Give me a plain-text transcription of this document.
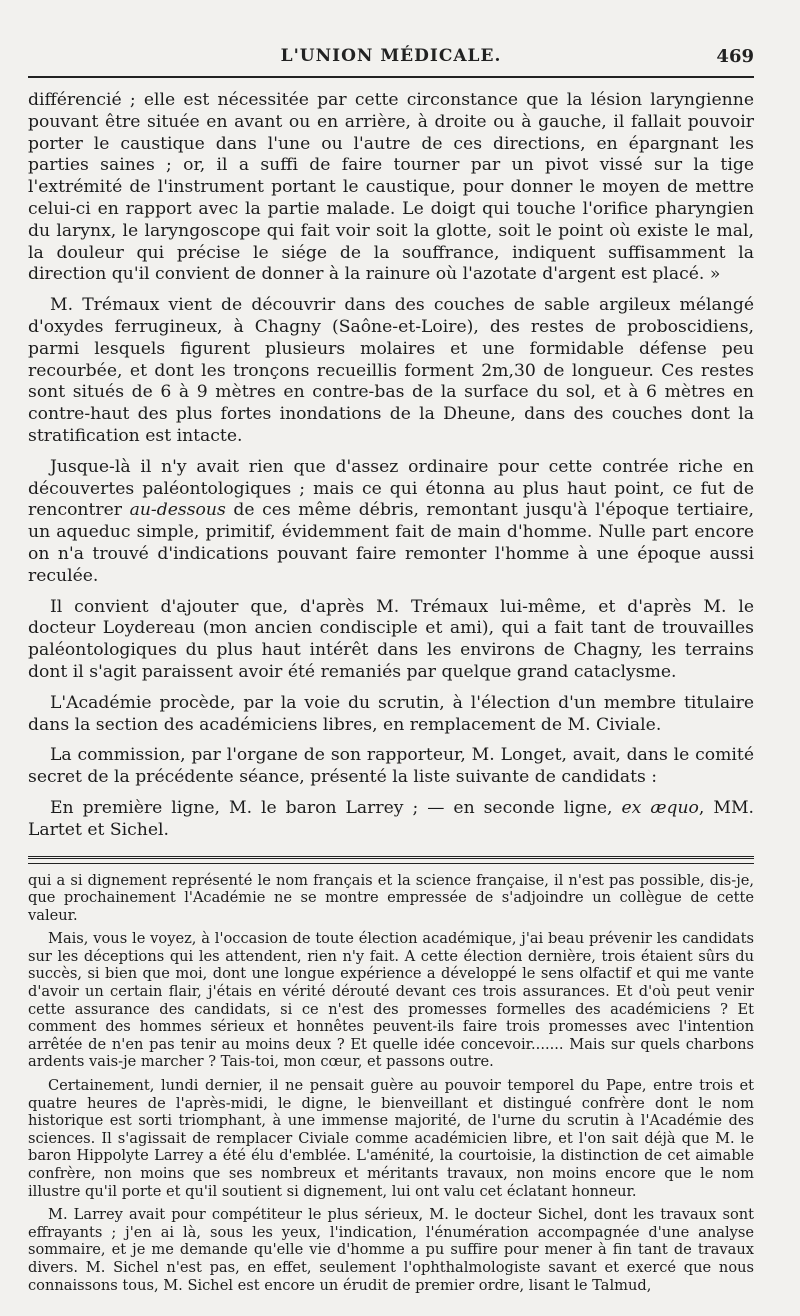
L'UNION MÉDICALE.	469

différencié ; elle est nécessitée par cette circonstance que la lésion laryngienne pouvant être située en avant ou en arrière, à droite ou à gauche, il fallait pouvoir porter le caustique dans l'une ou l'autre de ces directions, en épargnant les parties saines ; or, il a suffi de faire tourner par un pivot vissé sur la tige l'extrémité de l'instrument portant le caustique, pour donner le moyen de mettre celui-ci en rapport avec la partie malade. Le doigt qui touche l'orifice pharyngien du larynx, le laryngoscope qui fait voir soit la glotte, soit le point où existe le mal, la douleur qui précise le siége de la souffrance, indiquent suffisamment la direction qu'il convient de donner à la rainure où l'azotate d'argent est placé. »

M. Trémaux vient de découvrir dans des couches de sable argileux mélangé d'oxydes ferrugineux, à Chagny (Saône-et-Loire), des restes de proboscidiens, parmi lesquels figurent plusieurs molaires et une formidable défense peu recourbée, et dont les tronçons recueillis forment 2m,30 de longueur. Ces restes sont situés de 6 à 9 mètres en contre-bas de la surface du sol, et à 6 mètres en contre-haut des plus fortes inondations de la Dheune, dans des couches dont la stratification est intacte.

Jusque-là il n'y avait rien que d'assez ordinaire pour cette contrée riche en découvertes paléontologiques ; mais ce qui étonna au plus haut point, ce fut de rencontrer au-dessous de ces même débris, remontant jusqu'à l'époque tertiaire, un aqueduc simple, primitif, évidemment fait de main d'homme. Nulle part encore on n'a trouvé d'indications pouvant faire remonter l'homme à une époque aussi reculée.

Il convient d'ajouter que, d'après M. Trémaux lui-même, et d'après M. le docteur Loydereau (mon ancien condisciple et ami), qui a fait tant de trouvailles paléontologiques du plus haut intérêt dans les environs de Chagny, les terrains dont il s'agit paraissent avoir été remaniés par quelque grand cataclysme.

L'Académie procède, par la voie du scrutin, à l'élection d'un membre titulaire dans la section des académiciens libres, en remplacement de M. Civiale.

La commission, par l'organe de son rapporteur, M. Longet, avait, dans le comité secret de la précédente séance, présenté la liste suivante de candidats :

En première ligne, M. le baron Larrey ; — en seconde ligne, ex æquo, MM. Lartet et Sichel.

qui a si dignement représenté le nom français et la science française, il n'est pas possible, dis-je, que prochainement l'Académie ne se montre empressée de s'adjoindre un collègue de cette valeur.

Mais, vous le voyez, à l'occasion de toute élection académique, j'ai beau prévenir les candidats sur les déceptions qui les attendent, rien n'y fait. A cette élection dernière, trois étaient sûrs du succès, si bien que moi, dont une longue expérience a développé le sens olfactif et qui me vante d'avoir un certain flair, j'étais en vérité dérouté devant ces trois assurances. Et d'où peut venir cette assurance des candidats, si ce n'est des promesses formelles des académiciens ? Et comment des hommes sérieux et honnêtes peuvent-ils faire trois promesses avec l'intention arrêtée de n'en pas tenir au moins deux ? Et quelle idée concevoir....... Mais sur quels charbons ardents vais-je marcher ? Tais-toi, mon cœur, et passons outre.

Certainement, lundi dernier, il ne pensait guère au pouvoir temporel du Pape, entre trois et quatre heures de l'après-midi, le digne, le bienveillant et distingué confrère dont le nom historique est sorti triomphant, à une immense majorité, de l'urne du scrutin à l'Académie des sciences. Il s'agissait de remplacer Civiale comme académicien libre, et l'on sait déjà que M. le baron Hippolyte Larrey a été élu d'emblée. L'aménité, la courtoisie, la distinction de cet aimable confrère, non moins que ses nombreux et méritants travaux, non moins encore que le nom illustre qu'il porte et qu'il soutient si dignement, lui ont valu cet éclatant honneur.

M. Larrey avait pour compétiteur le plus sérieux, M. le docteur Sichel, dont les travaux sont effrayants ; j'en ai là, sous les yeux, l'indication, l'énumération accompagnée d'une analyse sommaire, et je me demande qu'elle vie d'homme a pu suffire pour mener à fin tant de travaux divers. M. Sichel n'est pas, en effet, seulement l'ophthalmologiste savant et exercé que nous connaissons tous, M. Sichel est encore un érudit de premier ordre, lisant le Talmud,
